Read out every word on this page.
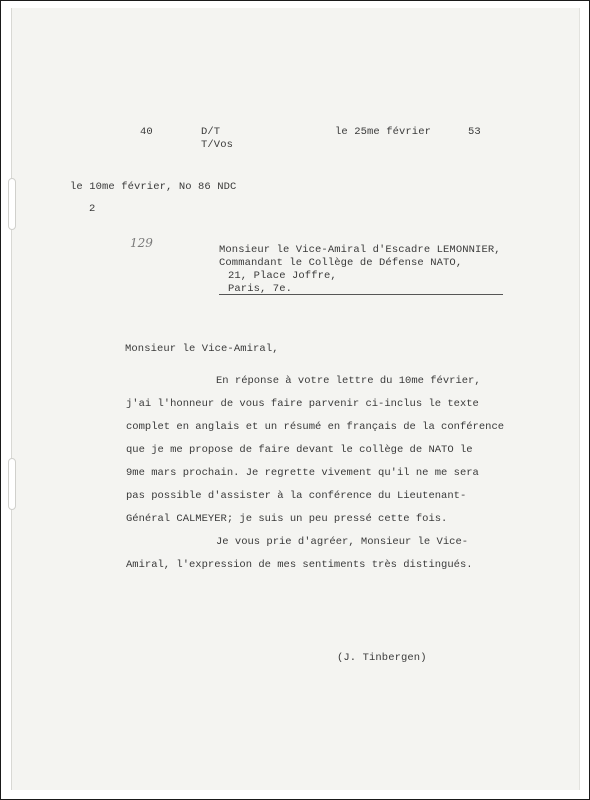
40	D/T
T/Vos
le 25me février	53
le 10me février, No 86 NDC
2
129	Monsieur le Vice-Amiral d'Escadre LEMONNIER,
Commandant le Collège de Défense NATO,
21, Place Joffre,
Paris, 7e.
Monsieur le Vice-Amiral,
En réponse à votre lettre du 10me février,
j'ai l'honneur de vous faire parvenir ci-inclus le texte
complet en anglais et un résumé en français de la conférence
que je me propose de faire devant le collège de NATO le
9me mars prochain. Je regrette vivement qu'il ne me sera
pas possible d'assister à la conférence du Lieutenant-
Général CALMEYER; je suis un peu pressé cette fois.
Je vous prie d'agréer, Monsieur le Vice-
Amiral, l'expression de mes sentiments très distingués.
(J. Tinbergen)
